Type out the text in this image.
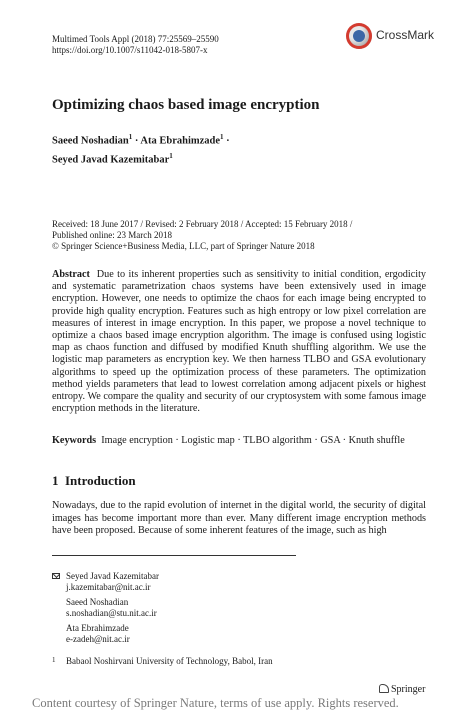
Multimed Tools Appl (2018) 77:25569–25590
https://doi.org/10.1007/s11042-018-5807-x
CrossMark
Optimizing chaos based image encryption
Saeed Noshadian$^1$ · Ata Ebrahimzade$^1$ ·
Seyed Javad Kazemitabar$^1$
Received: 18 June 2017 / Revised: 2 February 2018 / Accepted: 15 February 2018 /
Published online: 23 March 2018
© Springer Science+Business Media, LLC, part of Springer Nature 2018
Abstract Due to its inherent properties such as sensitivity to initial condition, ergodicity and systematic parametrization chaos systems have been extensively used in image encryption. However, one needs to optimize the chaos for each image being encrypted to provide high quality encryption. Features such as high entropy or low pixel correlation are measures of interest in image encryption. In this paper, we propose a novel technique to optimize a chaos based image encryption algorithm. The image is confused using logistic map as chaos function and diffused by modified Knuth shuffling algorithm. We use the logistic map parameters as encryption key. We then harness TLBO and GSA evolutionary algorithms to speed up the optimization process of these parameters. The optimization method yields parameters that lead to lowest correlation among adjacent pixels or highest entropy. We compare the quality and security of our cryptosystem with some famous image encryption methods in the literature.
Keywords Image encryption · Logistic map · TLBO algorithm · GSA · Knuth shuffle
1 Introduction
Nowadays, due to the rapid evolution of internet in the digital world, the security of digital images has become important more than ever. Many different image encryption methods have been proposed. Because of some inherent features of the image, such as high
Seyed Javad Kazemitabar
j.kazemitabar@nit.ac.ir
Saeed Noshadian
s.noshadian@stu.nit.ac.ir
Ata Ebrahimzade
e-zadeh@nit.ac.ir
1 Babaol Noshirvani University of Technology, Babol, Iran
Springer
Content courtesy of Springer Nature, terms of use apply. Rights reserved.
